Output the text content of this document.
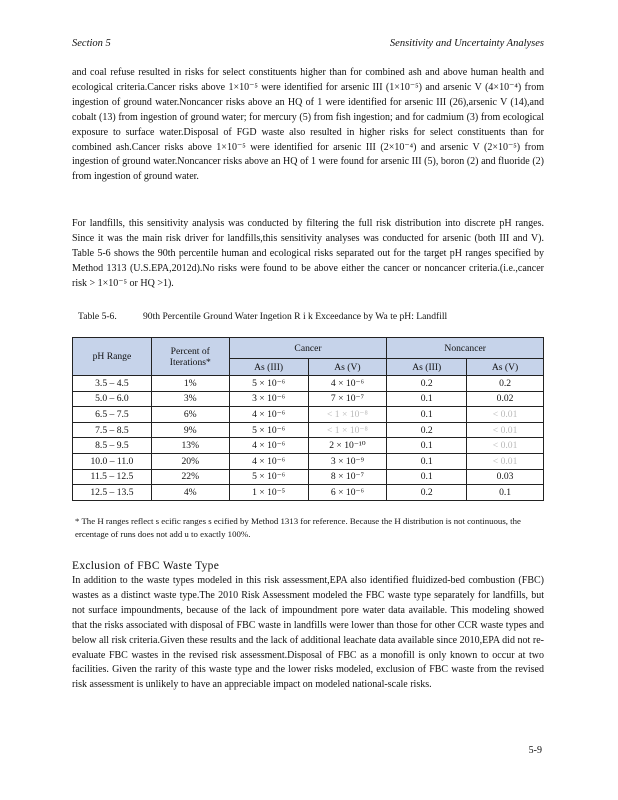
Section 5	Sensitivity and Uncertainty Analyses
and coal refuse resulted in risks for select constituents higher than for combined ash and above human health and ecological criteria.Cancer risks above 1×10⁻⁵ were identified for arsenic III (1×10⁻⁵) and arsenic V (4×10⁻⁴) from ingestion of ground water.Noncancer risks above an HQ of 1 were identified for arsenic III (26),arsenic V (14),and cobalt (13) from ingestion of ground water; for mercury (5) from fish ingestion; and for cadmium (3) from ecological exposure to surface water.Disposal of FGD waste also resulted in higher risks for select constituents than for combined ash.Cancer risks above 1×10⁻⁵ were identified for arsenic III (2×10⁻⁴) and arsenic V (2×10⁻⁵) from ingestion of ground water.Noncancer risks above an HQ of 1 were found for arsenic III (5), boron (2) and fluoride (2) from ingestion of ground water.
For landfills, this sensitivity analysis was conducted by filtering the full risk distribution into discrete pH ranges. Since it was the main risk driver for landfills,this sensitivity analyses was conducted for arsenic (both III and V). Table 5-6 shows the 90th percentile human and ecological risks separated out for the target pH ranges specified by Method 1313 (U.S.EPA,2012d).No risks were found to be above either the cancer or noncancer criteria.(i.e.,cancer risk > 1×10⁻⁵ or HQ >1).
Table 5-6.	90th Percentile Ground Water Ingetion R i k Exceedance by Wa te pH: Landfill
pH Range	Percent of Iterations*	Cancer		Noncancer	
		As (III)	As (V)	As (III)	As (V)
3.5 – 4.5	1%	5 × 10⁻⁶	4 × 10⁻⁶	0.2	0.2
5.0 – 6.0	3%	3 × 10⁻⁶	7 × 10⁻⁷	0.1	0.02
6.5 – 7.5	6%	4 × 10⁻⁶	< 1 × 10⁻⁸	0.1	< 0.01
7.5 – 8.5	9%	5 × 10⁻⁶	< 1 × 10⁻⁸	0.2	< 0.01
8.5 – 9.5	13%	4 × 10⁻⁶	2 × 10⁻¹⁰	0.1	< 0.01
10.0 – 11.0	20%	4 × 10⁻⁶	3 × 10⁻⁹	0.1	< 0.01
11.5 – 12.5	22%	5 × 10⁻⁶	8 × 10⁻⁷	0.1	0.03
12.5 – 13.5	4%	1 × 10⁻⁵	6 × 10⁻⁶	0.2	0.1
* The H ranges reflect s ecific ranges s ecified by Method 1313 for reference. Because the H distribution is not continuous, the ercentage of runs does not add u to exactly 100%.
Exclusion of FBC Waste Type
In addition to the waste types modeled in this risk assessment,EPA also identified fluidized-bed combustion (FBC) wastes as a distinct waste type.The 2010 Risk Assessment modeled the FBC waste type separately for landfills, but not surface impoundments, because of the lack of impoundment pore water data available. This modeling showed that the risks associated with disposal of FBC waste in landfills were lower than those for other CCR waste types and below all risk criteria.Given these results and the lack of additional leachate data available since 2010,EPA did not re-evaluate FBC wastes in the revised risk assessment.Disposal of FBC as a monofill is only known to occur at two facilities. Given the rarity of this waste type and the lower risks modeled, exclusion of FBC waste from the revised risk assessment is unlikely to have an appreciable impact on modeled national-scale risks.
5-9
